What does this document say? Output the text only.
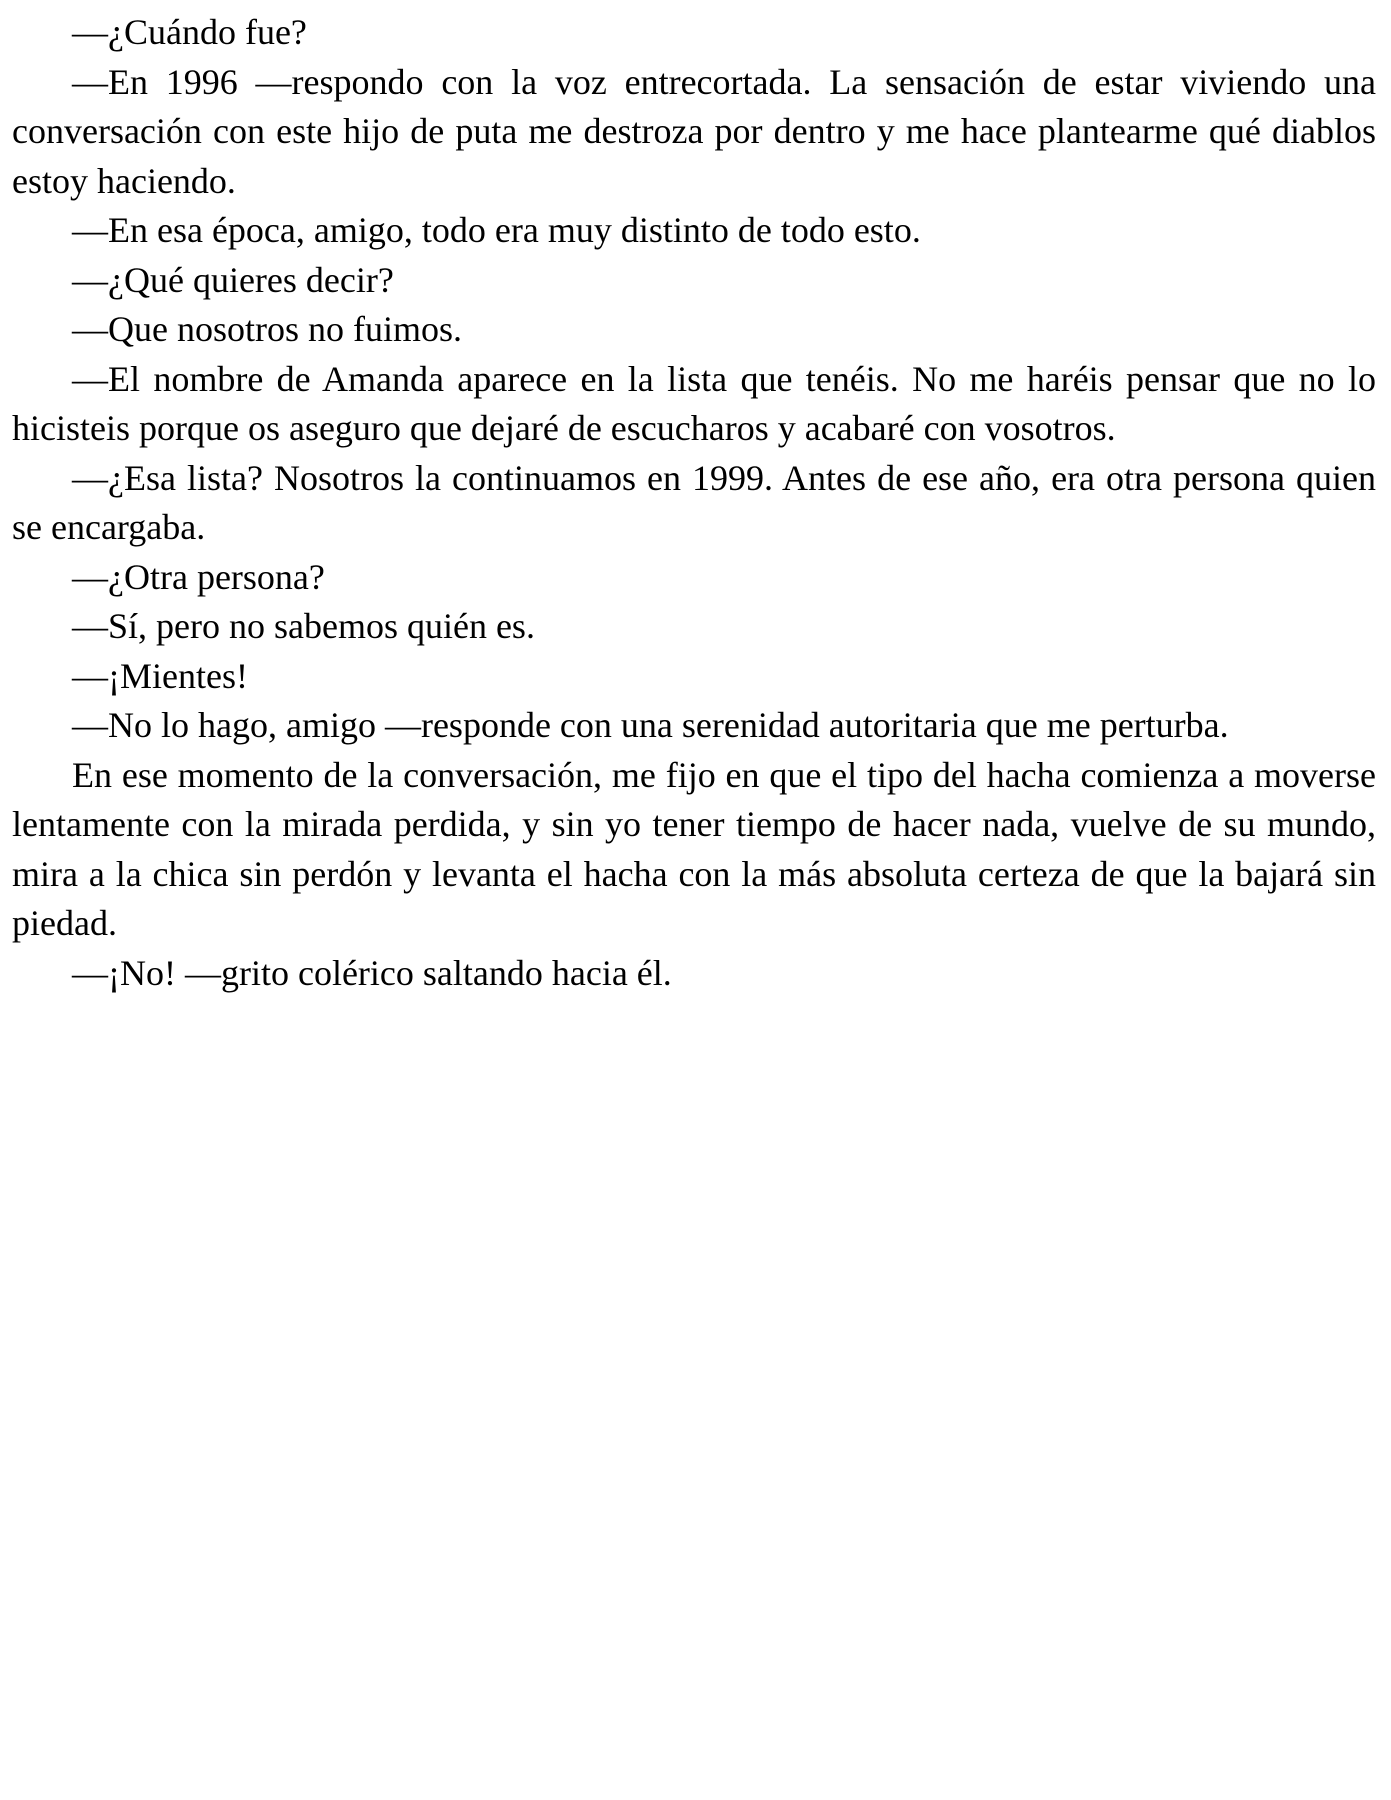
—¿Cuándo fue?

—En 1996 —respondo con la voz entrecortada. La sensación de estar viviendo una conversación con este hijo de puta me destroza por dentro y me hace plantearme qué diablos estoy haciendo.

—En esa época, amigo, todo era muy distinto de todo esto.

—¿Qué quieres decir?

—Que nosotros no fuimos.

—El nombre de Amanda aparece en la lista que tenéis. No me haréis pensar que no lo hicisteis porque os aseguro que dejaré de escucharos y acabaré con vosotros.

—¿Esa lista? Nosotros la continuamos en 1999. Antes de ese año, era otra persona quien se encargaba.

—¿Otra persona?

—Sí, pero no sabemos quién es.

—¡Mientes!

—No lo hago, amigo —responde con una serenidad autoritaria que me perturba.

En ese momento de la conversación, me fijo en que el tipo del hacha comienza a moverse lentamente con la mirada perdida, y sin yo tener tiempo de hacer nada, vuelve de su mundo, mira a la chica sin perdón y levanta el hacha con la más absoluta certeza de que la bajará sin piedad.

—¡No! —grito colérico saltando hacia él.
